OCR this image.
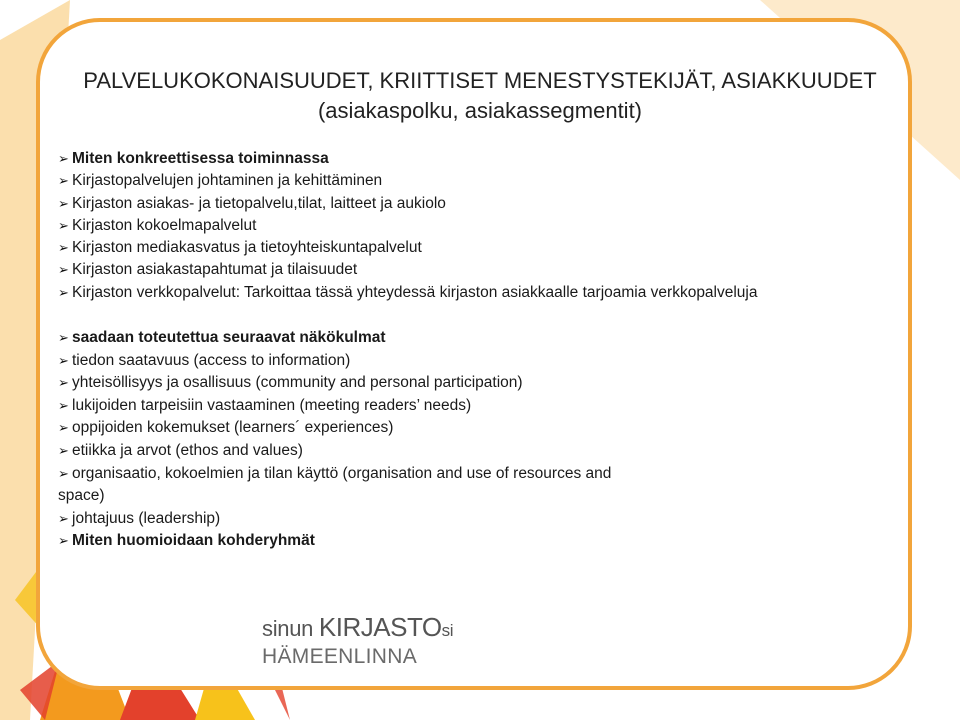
PALVELUKOKONAISUUDET, KRIITTISET MENESTYSTEKIJÄT, ASIAKKUUDET
(asiakaspolku, asiakassegmentit)
➢ Miten konkreettisessa toiminnassa
➢ Kirjastopalvelujen johtaminen ja kehittäminen
➢ Kirjaston asiakas- ja tietopalvelu,tilat, laitteet ja aukiolo
➢ Kirjaston kokoelmapalvelut
➢ Kirjaston mediakasvatus ja tietoyhteiskuntapalvelut
➢ Kirjaston asiakastapahtumat ja tilaisuudet
➢ Kirjaston verkkopalvelut: Tarkoittaa tässä yhteydessä kirjaston asiakkaalle tarjoamia verkkopalveluja
➢ saadaan toteutettua seuraavat näkökulmat
➢ tiedon saatavuus (access to information)
➢ yhteisöllisyys ja osallisuus (community and personal participation)
➢ lukijoiden tarpeisiin vastaaminen (meeting readers’ needs)
➢ oppijoiden kokemukset (learners´ experiences)
➢ etiikka ja arvot (ethos and values)
➢ organisaatio, kokoelmien ja tilan käyttö (organisation and use of resources and space)
➢ johtajuus (leadership)
➢ Miten huomioidaan kohderyhmät
sinun KIRJASTOsi
HÄMEENLINNA
